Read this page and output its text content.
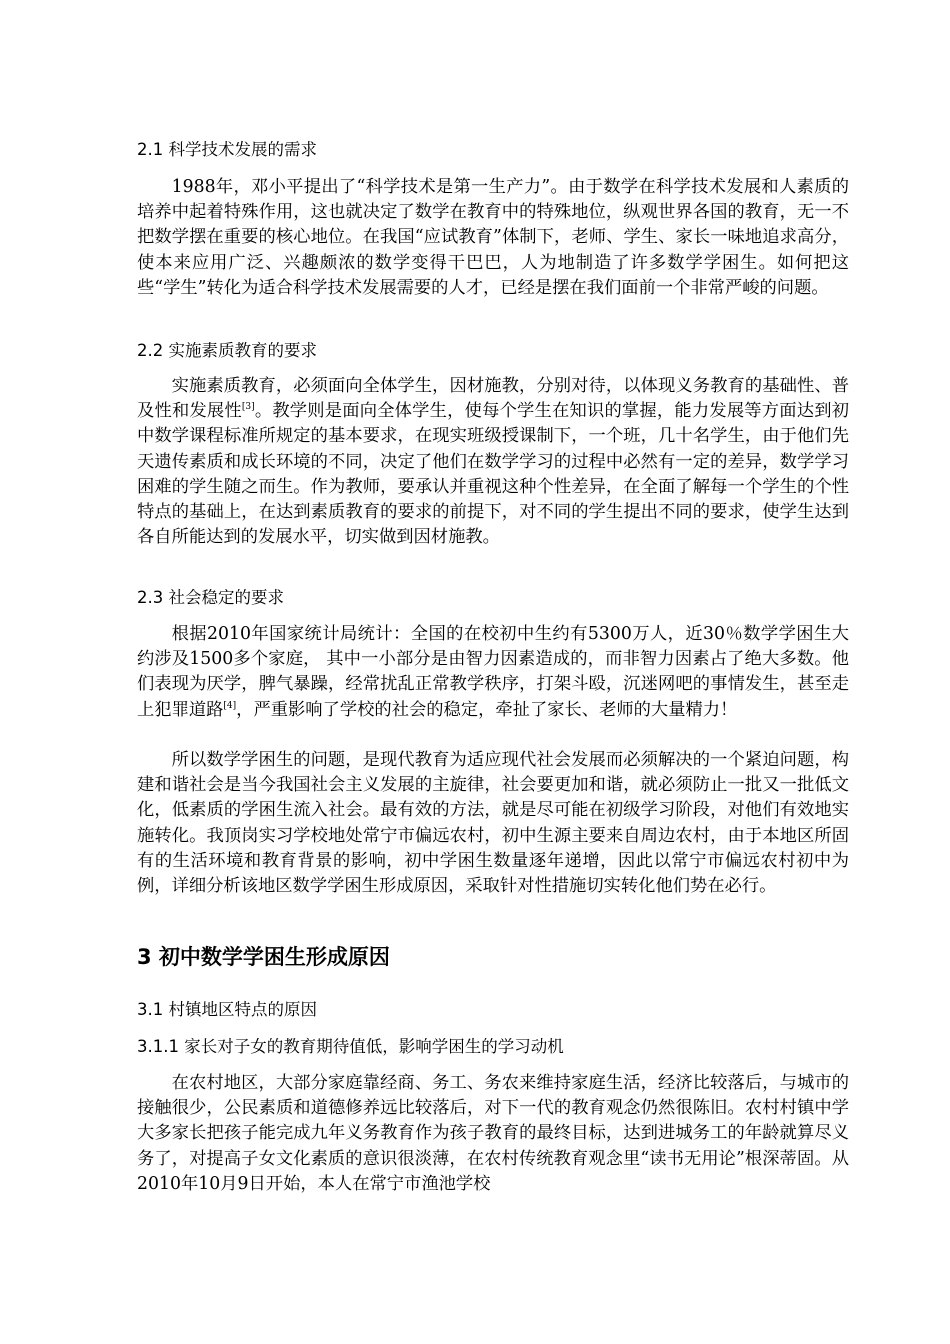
2.1 科学技术发展的需求

1988年，邓小平提出了“科学技术是第一生产力”。由于数学在科学技术发展和人素质的培养中起着特殊作用，这也就决定了数学在教育中的特殊地位，纵观世界各国的教育，无一不把数学摆在重要的核心地位。在我国“应试教育”体制下，老师、学生、家长一味地追求高分，使本来应用广泛、兴趣颇浓的数学变得干巴巴，人为地制造了许多数学学困生。如何把这些“学生”转化为适合科学技术发展需要的人才，已经是摆在我们面前一个非常严峻的问题。

2.2 实施素质教育的要求

实施素质教育，必须面向全体学生，因材施教，分别对待，以体现义务教育的基础性、普及性和发展性[3]。教学则是面向全体学生，使每个学生在知识的掌握，能力发展等方面达到初中数学课程标准所规定的基本要求，在现实班级授课制下，一个班，几十名学生，由于他们先天遗传素质和成长环境的不同，决定了他们在数学学习的过程中必然有一定的差异，数学学习困难的学生随之而生。作为教师，要承认并重视这种个性差异，在全面了解每一个学生的个性特点的基础上，在达到素质教育的要求的前提下，对不同的学生提出不同的要求，使学生达到各自所能达到的发展水平，切实做到因材施教。

2.3 社会稳定的要求

根据2010年国家统计局统计：全国的在校初中生约有5300万人，近30％数学学困生大约涉及1500多个家庭， 其中一小部分是由智力因素造成的，而非智力因素占了绝大多数。他们表现为厌学，脾气暴躁，经常扰乱正常教学秩序，打架斗殴，沉迷网吧的事情发生，甚至走上犯罪道路[4]，严重影响了学校的社会的稳定，牵扯了家长、老师的大量精力！

所以数学学困生的问题，是现代教育为适应现代社会发展而必须解决的一个紧迫问题，构建和谐社会是当今我国社会主义发展的主旋律，社会要更加和谐，就必须防止一批又一批低文化，低素质的学困生流入社会。最有效的方法，就是尽可能在初级学习阶段，对他们有效地实施转化。我顶岗实习学校地处常宁市偏远农村，初中生源主要来自周边农村，由于本地区所固有的生活环境和教育背景的影响，初中学困生数量逐年递增，因此以常宁市偏远农村初中为例，详细分析该地区数学学困生形成原因，采取针对性措施切实转化他们势在必行。

3 初中数学学困生形成原因
3.1 村镇地区特点的原因
3.1.1 家长对子女的教育期待值低，影响学困生的学习动机

在农村地区，大部分家庭靠经商、务工、务农来维持家庭生活，经济比较落后，与城市的接触很少，公民素质和道德修养远比较落后，对下一代的教育观念仍然很陈旧。农村村镇中学大多家长把孩子能完成九年义务教育作为孩子教育的最终目标，达到进城务工的年龄就算尽义务了，对提高子女文化素质的意识很淡薄，在农村传统教育观念里“读书无用论”根深蒂固。从2010年10月9日开始，本人在常宁市渔池学校
